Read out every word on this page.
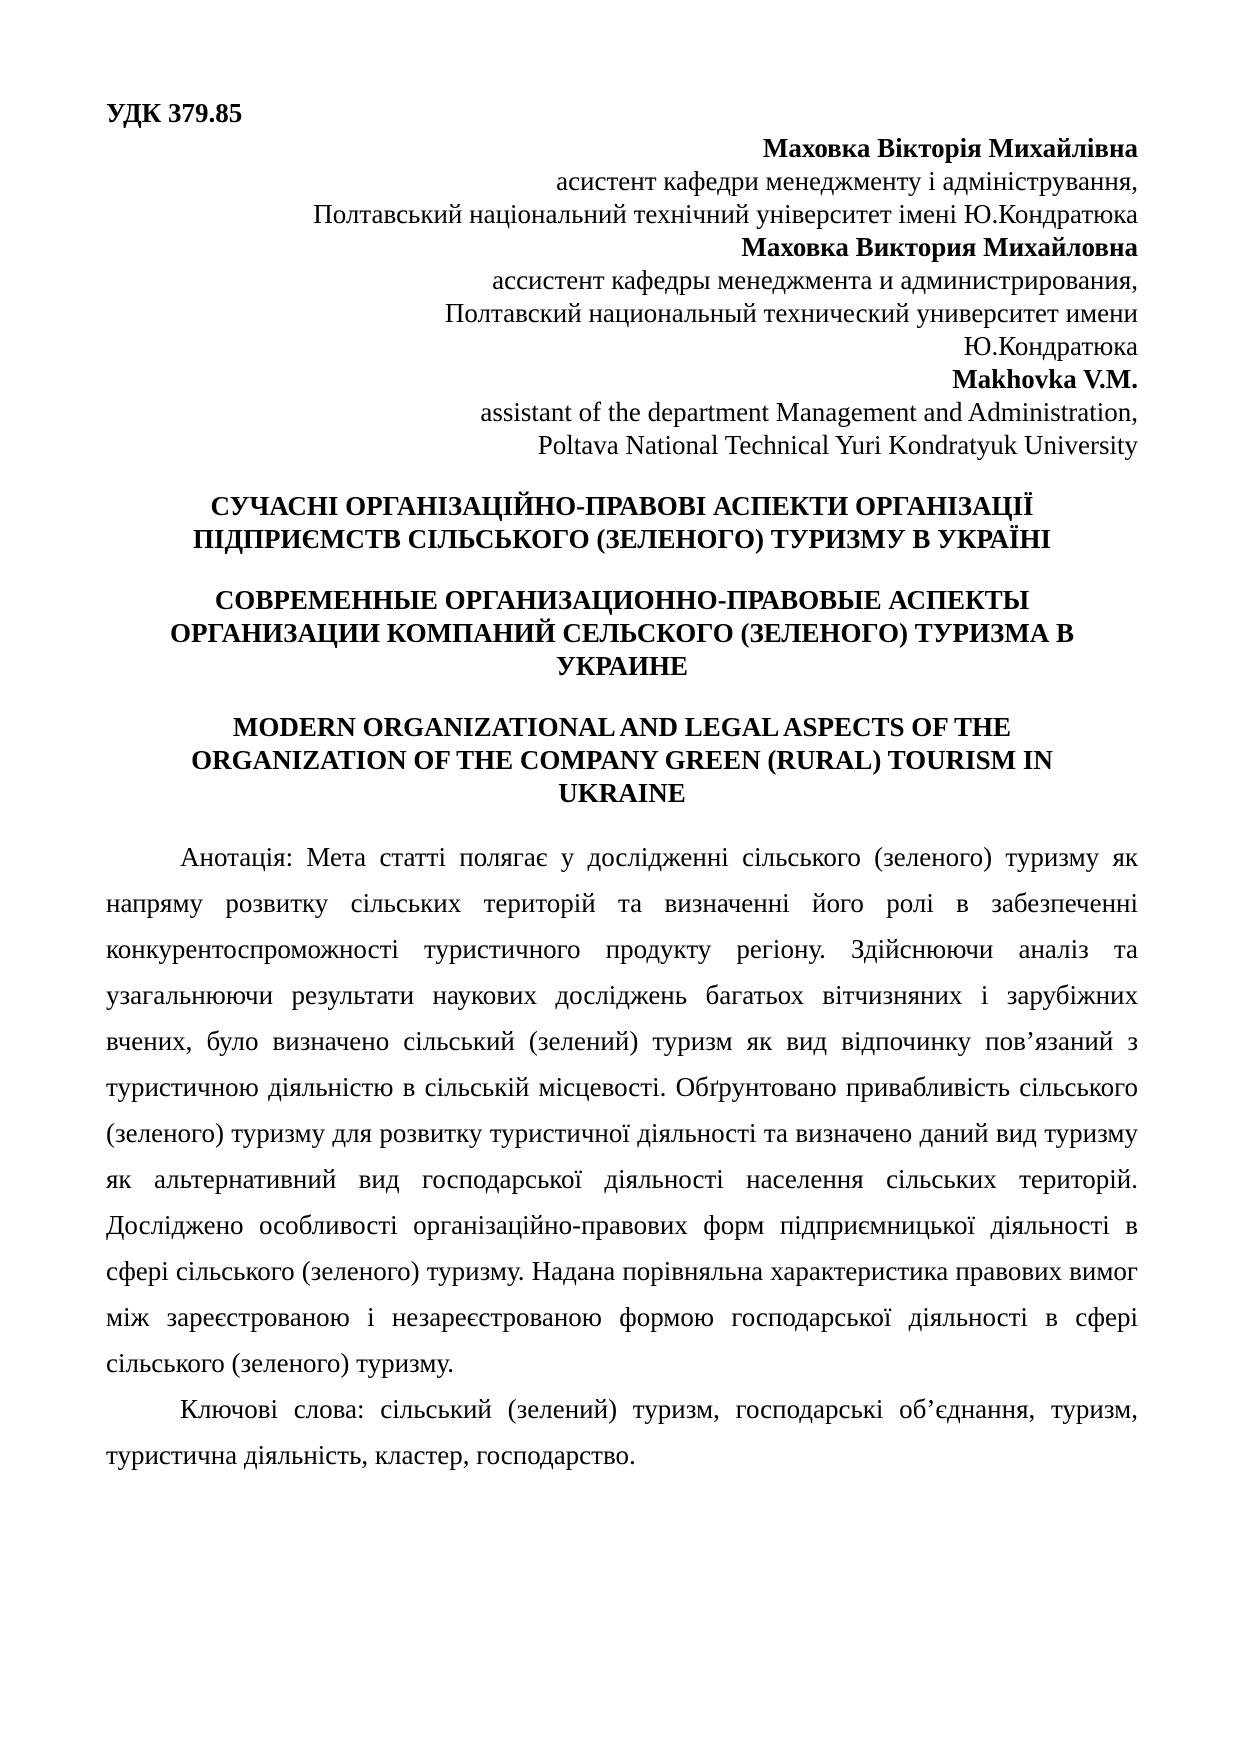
УДК 379.85

Маховка Вікторія Михайлівна

асистент кафедри менеджменту і адміністрування,

Полтавський національний технічний університет імені Ю.Кондратюка

Маховка Виктория Михайловна

ассистент кафедры менеджмента и администрирования,

Полтавский национальный технический университет имени

Ю.Кондратюка

Makhovka V.M.

assistant of the department Management and Administration,

Poltava National Technical Yuri Kondratyuk University

СУЧАСНІ ОРГАНІЗАЦІЙНО-ПРАВОВІ АСПЕКТИ ОРГАНІЗАЦІЇ
ПІДПРИЄМСТВ СІЛЬСЬКОГО (ЗЕЛЕНОГО) ТУРИЗМУ В УКРАЇНІ
СОВРЕМЕННЫЕ ОРГАНИЗАЦИОННО-ПРАВОВЫЕ АСПЕКТЫ
ОРГАНИЗАЦИИ КОМПАНИЙ СЕЛЬСКОГО (ЗЕЛЕНОГО) ТУРИЗМА В
УКРАИНЕ
MODERN ORGANIZATIONAL AND LEGAL ASPECTS OF THE
ORGANIZATION OF THE COMPANY GREEN (RURAL) TOURISM IN
UKRAINE

Анотація: Мета статті полягає у дослідженні сільського (зеленого) туризму як напряму розвитку сільських територій та визначенні його ролі в забезпеченні конкурентоспроможності туристичного продукту регіону. Здійснюючи аналіз та узагальнюючи результати наукових досліджень багатьох вітчизняних і зарубіжних вчених, було визначено сільський (зелений) туризм як вид відпочинку пов’язаний з туристичною діяльністю в сільській місцевості. Обґрунтовано привабливість сільського (зеленого) туризму для розвитку туристичної діяльності та визначено даний вид туризму як альтернативний вид господарської діяльності населення сільських територій. Досліджено особливості організаційно-правових форм підприємницької діяльності в сфері сільського (зеленого) туризму. Надана порівняльна характеристика правових вимог між зареєстрованою і незареєстрованою формою господарської діяльності в сфері сільського (зеленого) туризму.

Ключові слова: сільський (зелений) туризм, господарські об’єднання, туризм, туристична діяльність, кластер, господарство.
